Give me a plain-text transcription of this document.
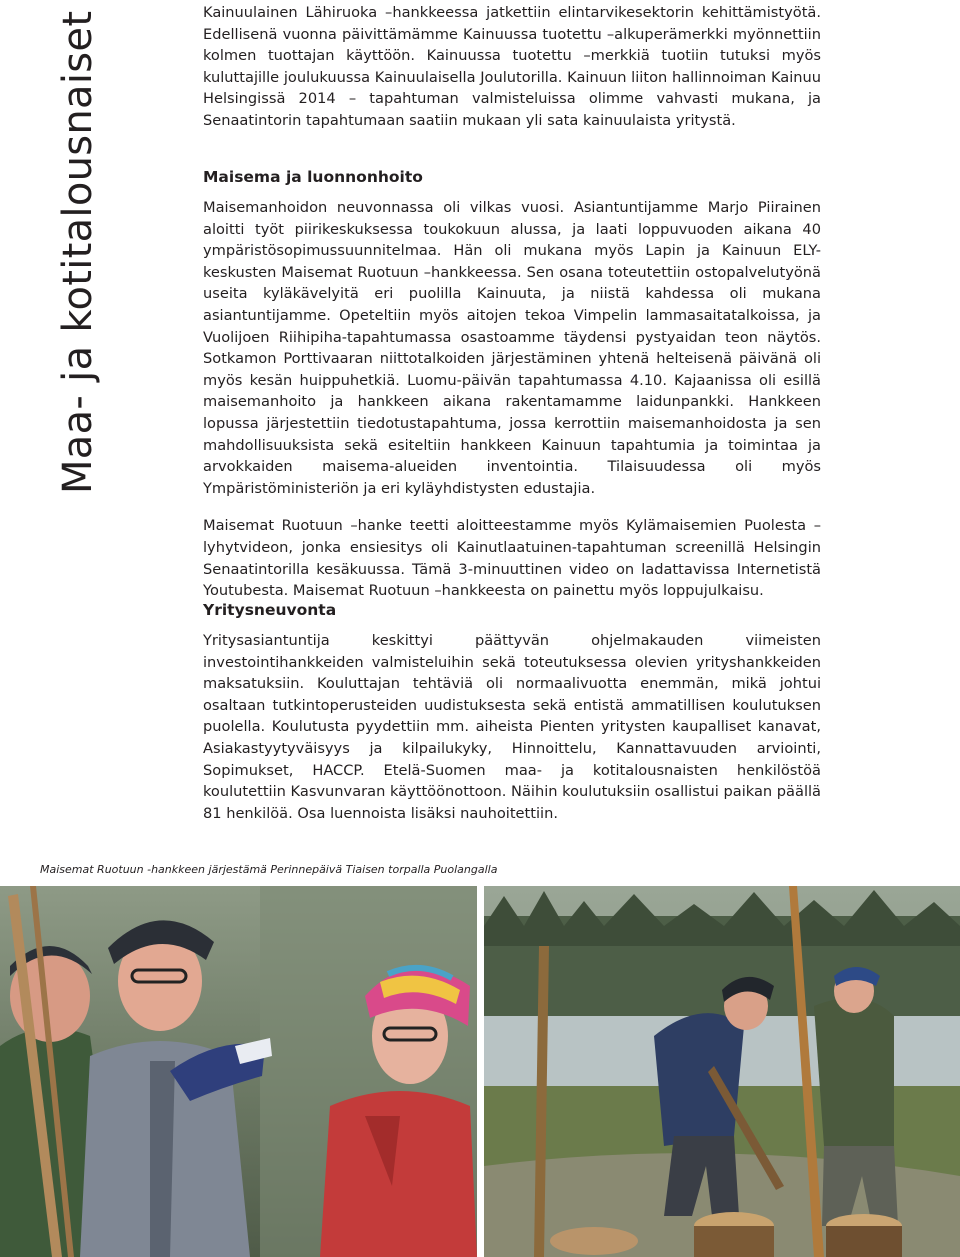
Maa- ja kotitalousnaiset	Kainuulainen Lähiruoka –hankkeessa jatkettiin elintarvikesektorin kehittämistyötä. Edellisenä vuonna päivittämämme Kainuussa tuotettu –alkuperämerkki myönnettiin kolmen tuottajan käyttöön. Kainuussa tuotettu –merkkiä tuotiin tutuksi myös kuluttajille joulukuussa Kainuulaisella Joulutorilla. Kainuun liiton hallinnoiman Kainuu Helsingissä 2014 – tapahtuman valmisteluissa olimme vahvasti mukana, ja Senaatintorin tapahtumaan saatiin mukaan yli sata kainuulaista yritystä.

Maisema ja luonnonhoito

Maisemanhoidon neuvonnassa oli vilkas vuosi. Asiantuntijamme Marjo Piirainen aloitti työt piirikeskuksessa toukokuun alussa, ja laati loppuvuoden aikana 40 ympäristösopimussuunnitelmaa. Hän oli mukana myös Lapin ja Kainuun ELY-keskusten Maisemat Ruotuun –hankkeessa. Sen osana toteutettiin ostopalvelutyönä useita kyläkävelyitä eri puolilla Kainuuta, ja niistä kahdessa oli mukana asiantuntijamme. Opeteltiin myös aitojen tekoa Vimpelin lammasaitatalkoissa, ja Vuolijoen Riihipiha-tapahtumassa osastoamme täydensi pystyaidan teon näytös. Sotkamon Porttivaaran niittotalkoiden järjestäminen yhtenä helteisenä päivänä oli myös kesän huippuhetkiä. Luomu-päivän tapahtumassa 4.10. Kajaanissa oli esillä maisemanhoito ja hankkeen aikana rakentamamme laidunpankki. Hankkeen lopussa järjestettiin tiedotustapahtuma, jossa kerrottiin maisemanhoidosta ja sen mahdollisuuksista sekä esiteltiin hankkeen Kainuun tapahtumia ja toimintaa ja arvokkaiden maisema-alueiden inventointia. Tilaisuudessa oli myös Ympäristöministeriön ja eri kyläyhdistysten edustajia.

Maisemat Ruotuun –hanke teetti aloitteestamme myös Kylämaisemien Puolesta –lyhytvideon, jonka ensiesitys oli Kainutlaatuinen-tapahtuman screenillä Helsingin Senaatintorilla kesäkuussa. Tämä 3-minuuttinen video on ladattavissa Internetistä Youtubesta. Maisemat Ruotuun –hankkeesta on painettu myös loppujulkaisu.

Yritysneuvonta

Yritysasiantuntija keskittyi päättyvän ohjelmakauden viimeisten investointihankkeiden valmisteluihin sekä toteutuksessa olevien yrityshankkeiden maksatuksiin. Kouluttajan tehtäviä oli normaalivuotta enemmän, mikä johtui osaltaan tutkintoperusteiden uudistuksesta sekä entistä ammatillisen koulutuksen puolella. Koulutusta pyydettiin mm. aiheista Pienten yritysten kaupalliset kanavat, Asiakastyytyväisyys ja kilpailukyky, Hinnoittelu, Kannattavuuden arviointi, Sopimukset, HACCP. Etelä-Suomen maa- ja kotitalousnaisten henkilöstöä koulutettiin Kasvunvaran käyttöönottoon. Näihin koulutuksiin osallistui paikan päällä 81 henkilöä. Osa luennoista lisäksi nauhoitettiin.

Maisemat Ruotuun -hankkeen järjestämä Perinnepäivä Tiaisen torpalla Puolangalla
